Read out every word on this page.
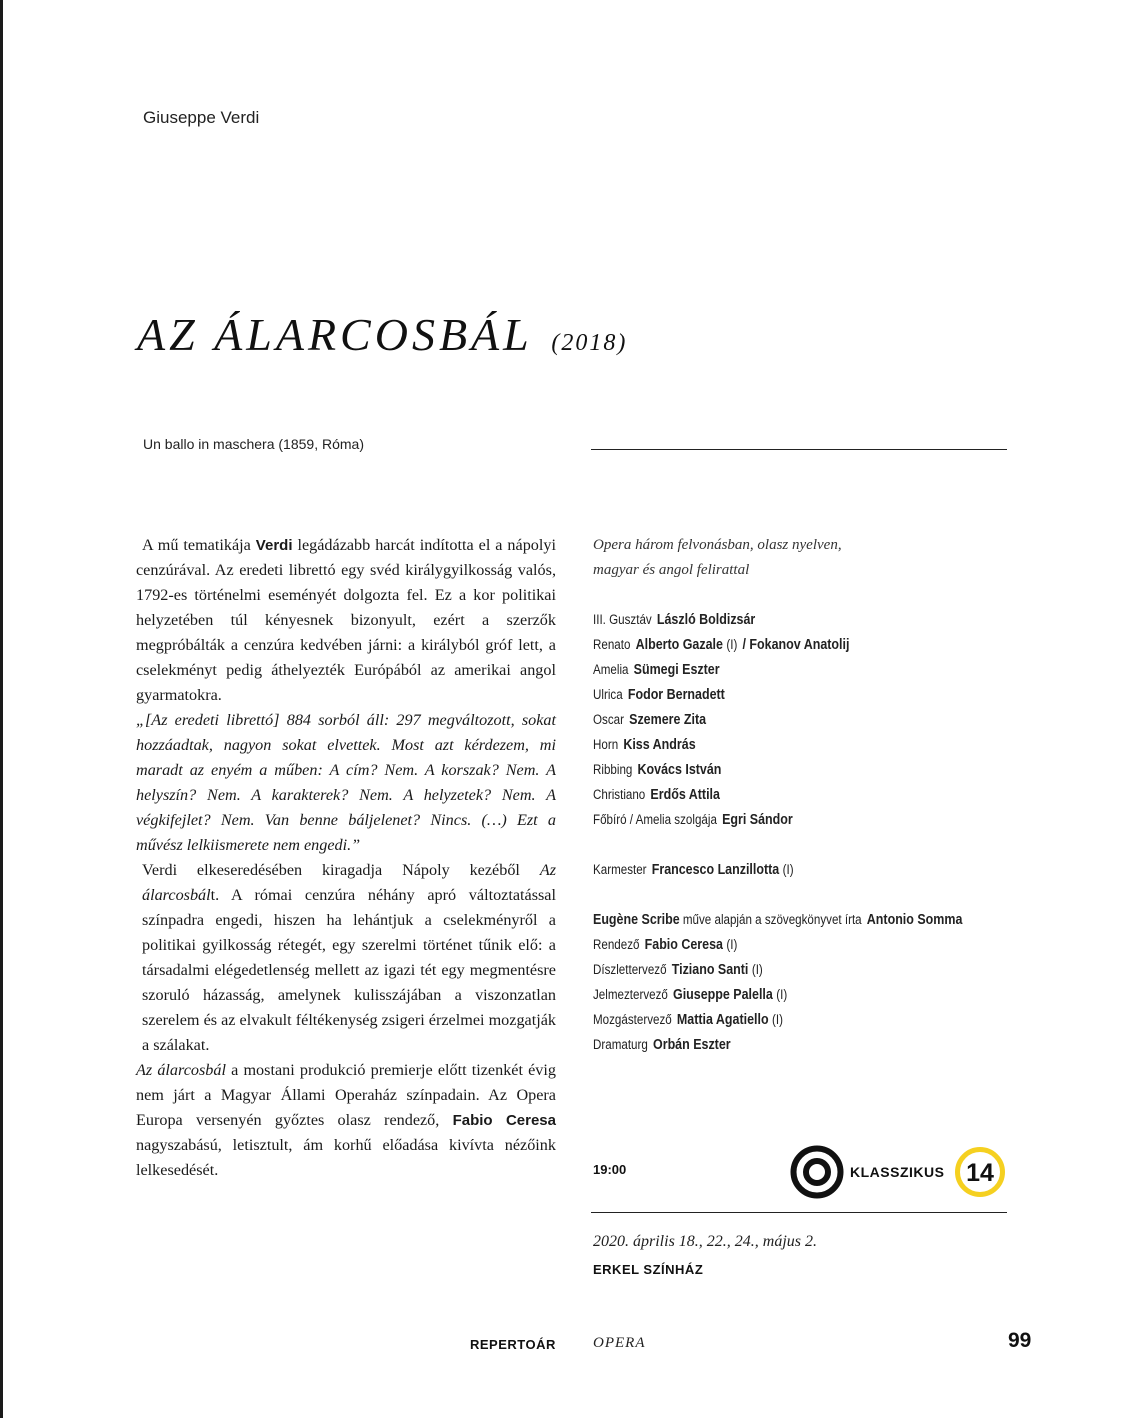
Giuseppe Verdi
AZ ÁLARCOSBÁL (2018)
Un ballo in maschera (1859, Róma)

A mű tematikája Verdi legádázabb harcát indította el a nápolyi cenzúrával. Az eredeti librettó egy svéd királygyilkosság valós, 1792-es történelmi eseményét dolgozta fel. Ez a kor politikai helyzetében túl kényesnek bizonyult, ezért a szerzők megpróbálták a cenzúra kedvében járni: a királyból gróf lett, a cselekményt pedig áthelyezték Európából az amerikai angol gyarmatokra.

„[Az eredeti librettó] 884 sorból áll: 297 megváltozott, sokat hozzáadtak, nagyon sokat elvettek. Most azt kérdezem, mi maradt az enyém a műben: A cím? Nem. A korszak? Nem. A helyszín? Nem. A karakterek? Nem. A helyzetek? Nem. A végkifejlet? Nem. Van benne báljelenet? Nincs. (…) Ezt a művész lelkiismerete nem engedi.”

Verdi elkeseredésében kiragadja Nápoly kezéből Az álarcosbált. A római cenzúra néhány apró változtatással színpadra engedi, hiszen ha lehántjuk a cselekményről a politikai gyilkosság rétegét, egy szerelmi történet tűnik elő: a társadalmi elégedetlenség mellett az igazi tét egy megmentésre szoruló házasság, amelynek kulisszájában a viszonzatlan szerelem és az elvakult féltékenység zsigeri érzelmei mozgatják a szálakat.

Az álarcosbál a mostani produkció premierje előtt tizenkét évig nem járt a Magyar Állami Operaház színpadain. Az Opera Europa versenyén győztes olasz rendező, Fabio Ceresa nagyszabású, letisztult, ám korhű előadása kivívta nézőink lelkesedését.

Opera három felvonásban, olasz nyelven,
magyar és angol felirattal
III. Gusztáv László Boldizsár
Renato Alberto Gazale (I) / Fokanov Anatolij
Amelia Sümegi Eszter
Ulrica Fodor Bernadett
Oscar Szemere Zita
Horn Kiss András
Ribbing Kovács István
Christiano Erdős Attila
Főbíró / Amelia szolgája Egri Sándor
Karmester Francesco Lanzillotta (I)
Eugène Scribe műve alapján a szövegkönyvet írta Antonio Somma
Rendező Fabio Ceresa (I)
Díszlettervező Tiziano Santi (I)
Jelmeztervező Giuseppe Palella (I)
Mozgástervező Mattia Agatiello (I)
Dramaturg Orbán Eszter
19:00	KLASSZIKUS 14
2020. április 18., 22., 24., május 2.
ERKEL SZÍNHÁZ
REPERTOÁR OPERA	99
